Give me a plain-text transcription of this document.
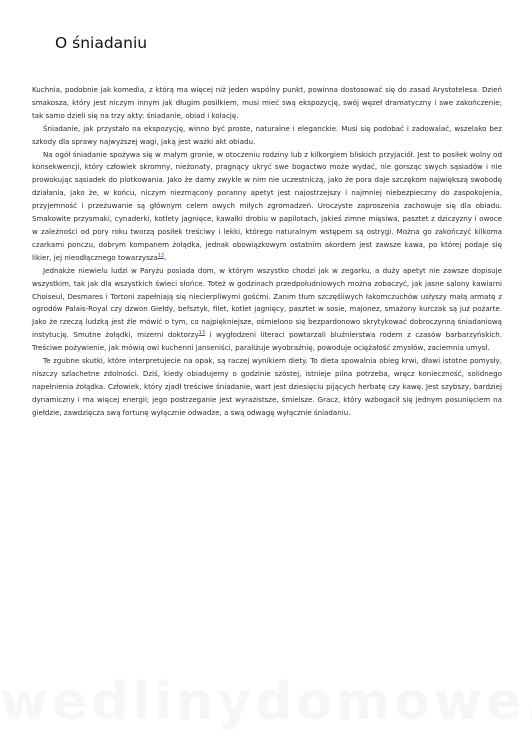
O śniadaniu

Kuchnia, podobnie jak komedia, z którą ma więcej niż jeden wspólny punkt, powinna dostosować się do zasad Arystotelesa. Dzień smakosza, który jest niczym innym jak długim posiłkiem, musi mieć swą ekspozycję, swój węzeł dramatyczny i swe zakończenie; tak samo dzieli się na trzy akty: śniadanie, obiad i kolację.

Śniadanie, jak przystało na ekspozycję, winno być proste, naturalne i eleganckie. Musi się podobać i zadowalać, wszelako bez szkody dla sprawy najwyższej wagi, jaką jest ważki akt obiadu.

Na ogół śniadanie spożywa się w małym gronie, w otoczeniu rodziny lub z kilkorgiem bliskich przyjaciół. Jest to posiłek wolny od konsekwencji, który człowiek skromny, nieżonaty, pragnący ukryć swe bogactwo może wydać, nie gorsząc swych sąsiadów i nie prowokując sąsiadek do plotkowania. Jako że damy zwykle w nim nie uczestniczą, jako że pora daje szczękom największą swobodę działania, jako że, w końcu, niczym niezmącony poranny apetyt jest najostrzejszy i najmniej niebezpieczny do zaspokojenia, przyjemność i przeżuwanie są głównym celem owych miłych zgromadzeń. Uroczyste zaproszenia zachowuje się dla obiadu. Smakowite przysmaki, cynaderki, kotlety jagnięce, kawałki drobiu w papilotach, jakieś zimne mięsiwa, pasztet z dziczyzny i owoce w zależności od pory roku tworzą posiłek treściwy i lekki, którego naturalnym wstępem są ostrygi. Można go zakończyć kilkoma czarkami ponczu, dobrym kompanem żołądka, jednak obowiązkowym ostatnim akordem jest zawsze kawa, po której podaje się likier, jej nieodłącznego towarzysza$^{12}$.

Jednakże niewielu ludzi w Paryżu posiada dom, w którym wszystko chodzi jak w zegarku, a duży apetyt nie zawsze dopisuje wszystkim, tak jak dla wszystkich świeci słońce. Toteż w godzinach przedpołudniowych można zobaczyć, jak jasne salony kawiarni Choiseul, Desmares i Tortoni zapełniają się niecierpliwymi gośćmi. Zanim tłum szczęśliwych łakomczuchów usłyszy małą armatę z ogrodów Palais-Royal czy dzwon Giełdy, befsztyk, filet, kotlet jagnięcy, pasztet w sosie, majonez, smażony kurczak są już pożarte. Jako że rzeczą ludzką jest źle mówić o tym, co najpiękniejsze, ośmielono się bezpardonowo skrytykować dobroczynną śniadaniową instytucję. Smutne żołądki, mizerni doktorzy$^{13}$ i wygłodzeni literaci powtarzali bluźnierstwa rodem z czasów barbarzyńskich. Treściwe pożywienie, jak mówią owi kuchenni janseniści, paraliżuje wyobraźnię, powoduje ociężałość zmysłów, zaciemnia umysł.

Te zgubne skutki, które interpretujecie na opak, są raczej wynikiem diety. To dieta spowalnia obieg krwi, dławi istotne pomysły, niszczy szlachetne zdolności. Dziś, kiedy obiadujemy o godzinie szóstej, istnieje pilna potrzeba, wręcz konieczność, solidnego napełnienia żołądka. Człowiek, który zjadł treściwe śniadanie, wart jest dziesięciu pijących herbatę czy kawę. Jest szybszy, bardziej dynamiczny i ma więcej energii; jego postrzeganie jest wyrazistsze, śmielsze. Gracz, który wzbogacił się jednym posunięciem na giełdzie, zawdzięcza swą fortunę wyłącznie odwadze, a swą odwagę wyłącznie śniadaniu.
